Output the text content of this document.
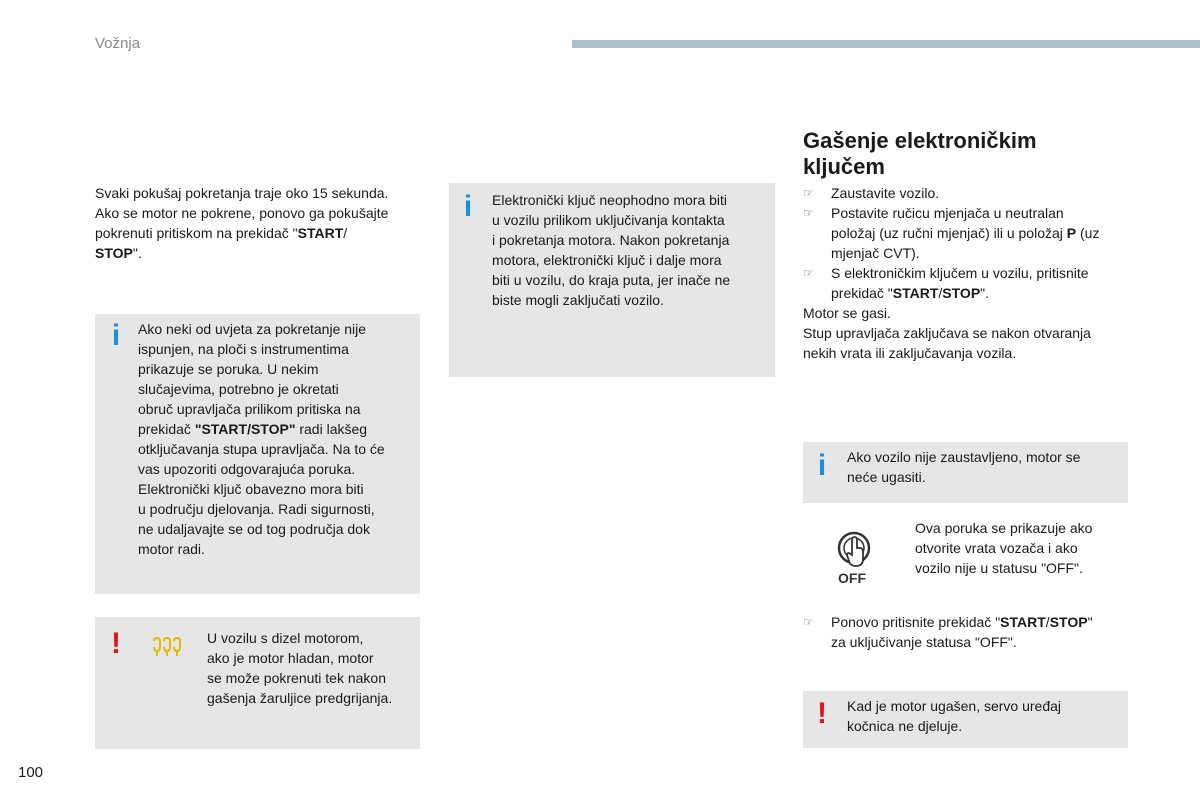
Vožnja
Svaki pokušaj pokretanja traje oko 15 sekunda.
Ako se motor ne pokrene, ponovo ga pokušajte
pokrenuti pritiskom na prekidač "START/
STOP".
i	Ako neki od uvjeta za pokretanje nije
ispunjen, na ploči s instrumentima
prikazuje se poruka. U nekim
slučajevima, potrebno je okretati
obruč upravljača prilikom pritiska na
prekidač "START/STOP" radi lakšeg
otključavanja stupa upravljača. Na to će
vas upozoriti odgovarajuća poruka.
Elektronički ključ obavezno mora biti
u području djelovanja. Radi sigurnosti,
ne udaljavajte se od tog područja dok
motor radi.
!	U vozilu s dizel motorom,
ako je motor hladan, motor
se može pokrenuti tek nakon
gašenja žaruljice predgrijanja.
i	Elektronički ključ neophodno mora biti
u vozilu prilikom uključivanja kontakta
i pokretanja motora. Nakon pokretanja
motora, elektronički ključ i dalje mora
biti u vozilu, do kraja puta, jer inače ne
biste mogli zaključati vozilo.
Gašenje elektroničkim
ključem
☞	Zaustavite vozilo.
☞	Postavite ručicu mjenjača u neutralan
položaj (uz ručni mjenjač) ili u položaj P (uz
mjenjač CVT).
☞	S elektroničkim ključem u vozilu, pritisnite
prekidač "START/STOP".
Motor se gasi.
Stup upravljača zaključava se nakon otvaranja
nekih vrata ili zaključavanja vozila.
i	Ako vozilo nije zaustavljeno, motor se
neće ugasiti.
OFF
Ova poruka se prikazuje ako
otvorite vrata vozača i ako
vozilo nije u statusu "OFF".
☞	Ponovo pritisnite prekidač "START/STOP"
za uključivanje statusa "OFF".
! Kad je motor ugašen, servo uređaj
kočnica ne djeluje.
100
